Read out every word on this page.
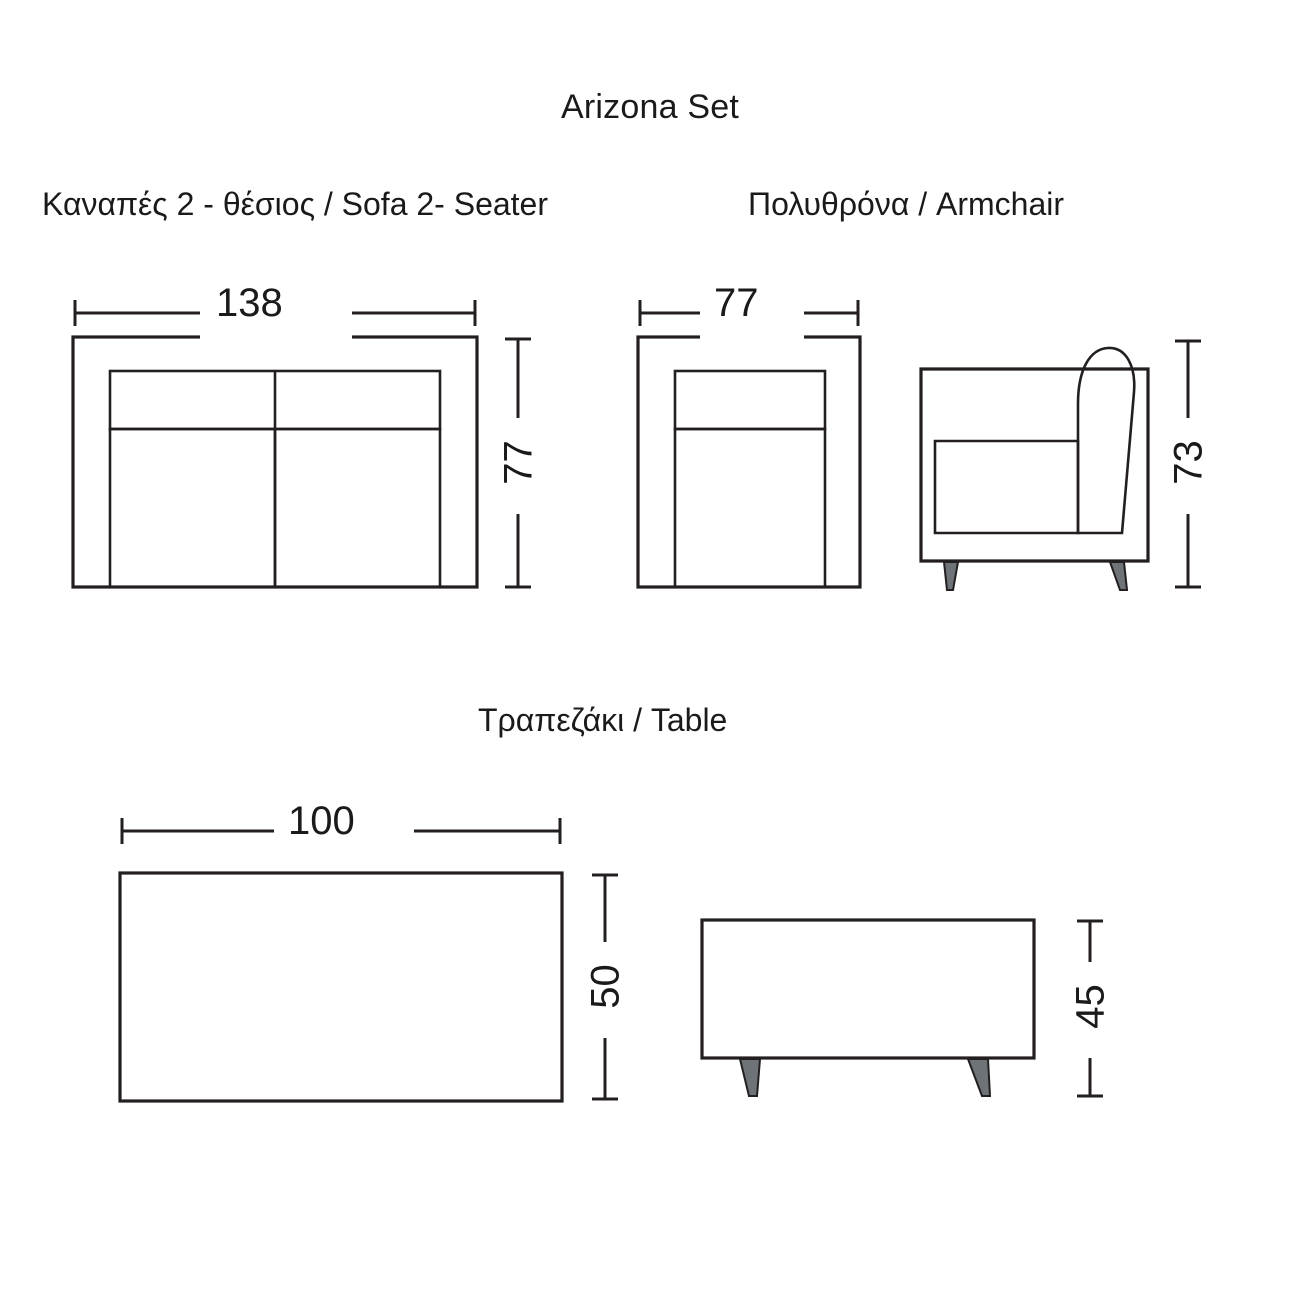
Arizona Set
Καναπές 2 - θέσιος / Sofa 2- Seater	Πολυθρόνα / Armchair
Τραπεζάκι / Table
138
77
77
73
100
50	45
